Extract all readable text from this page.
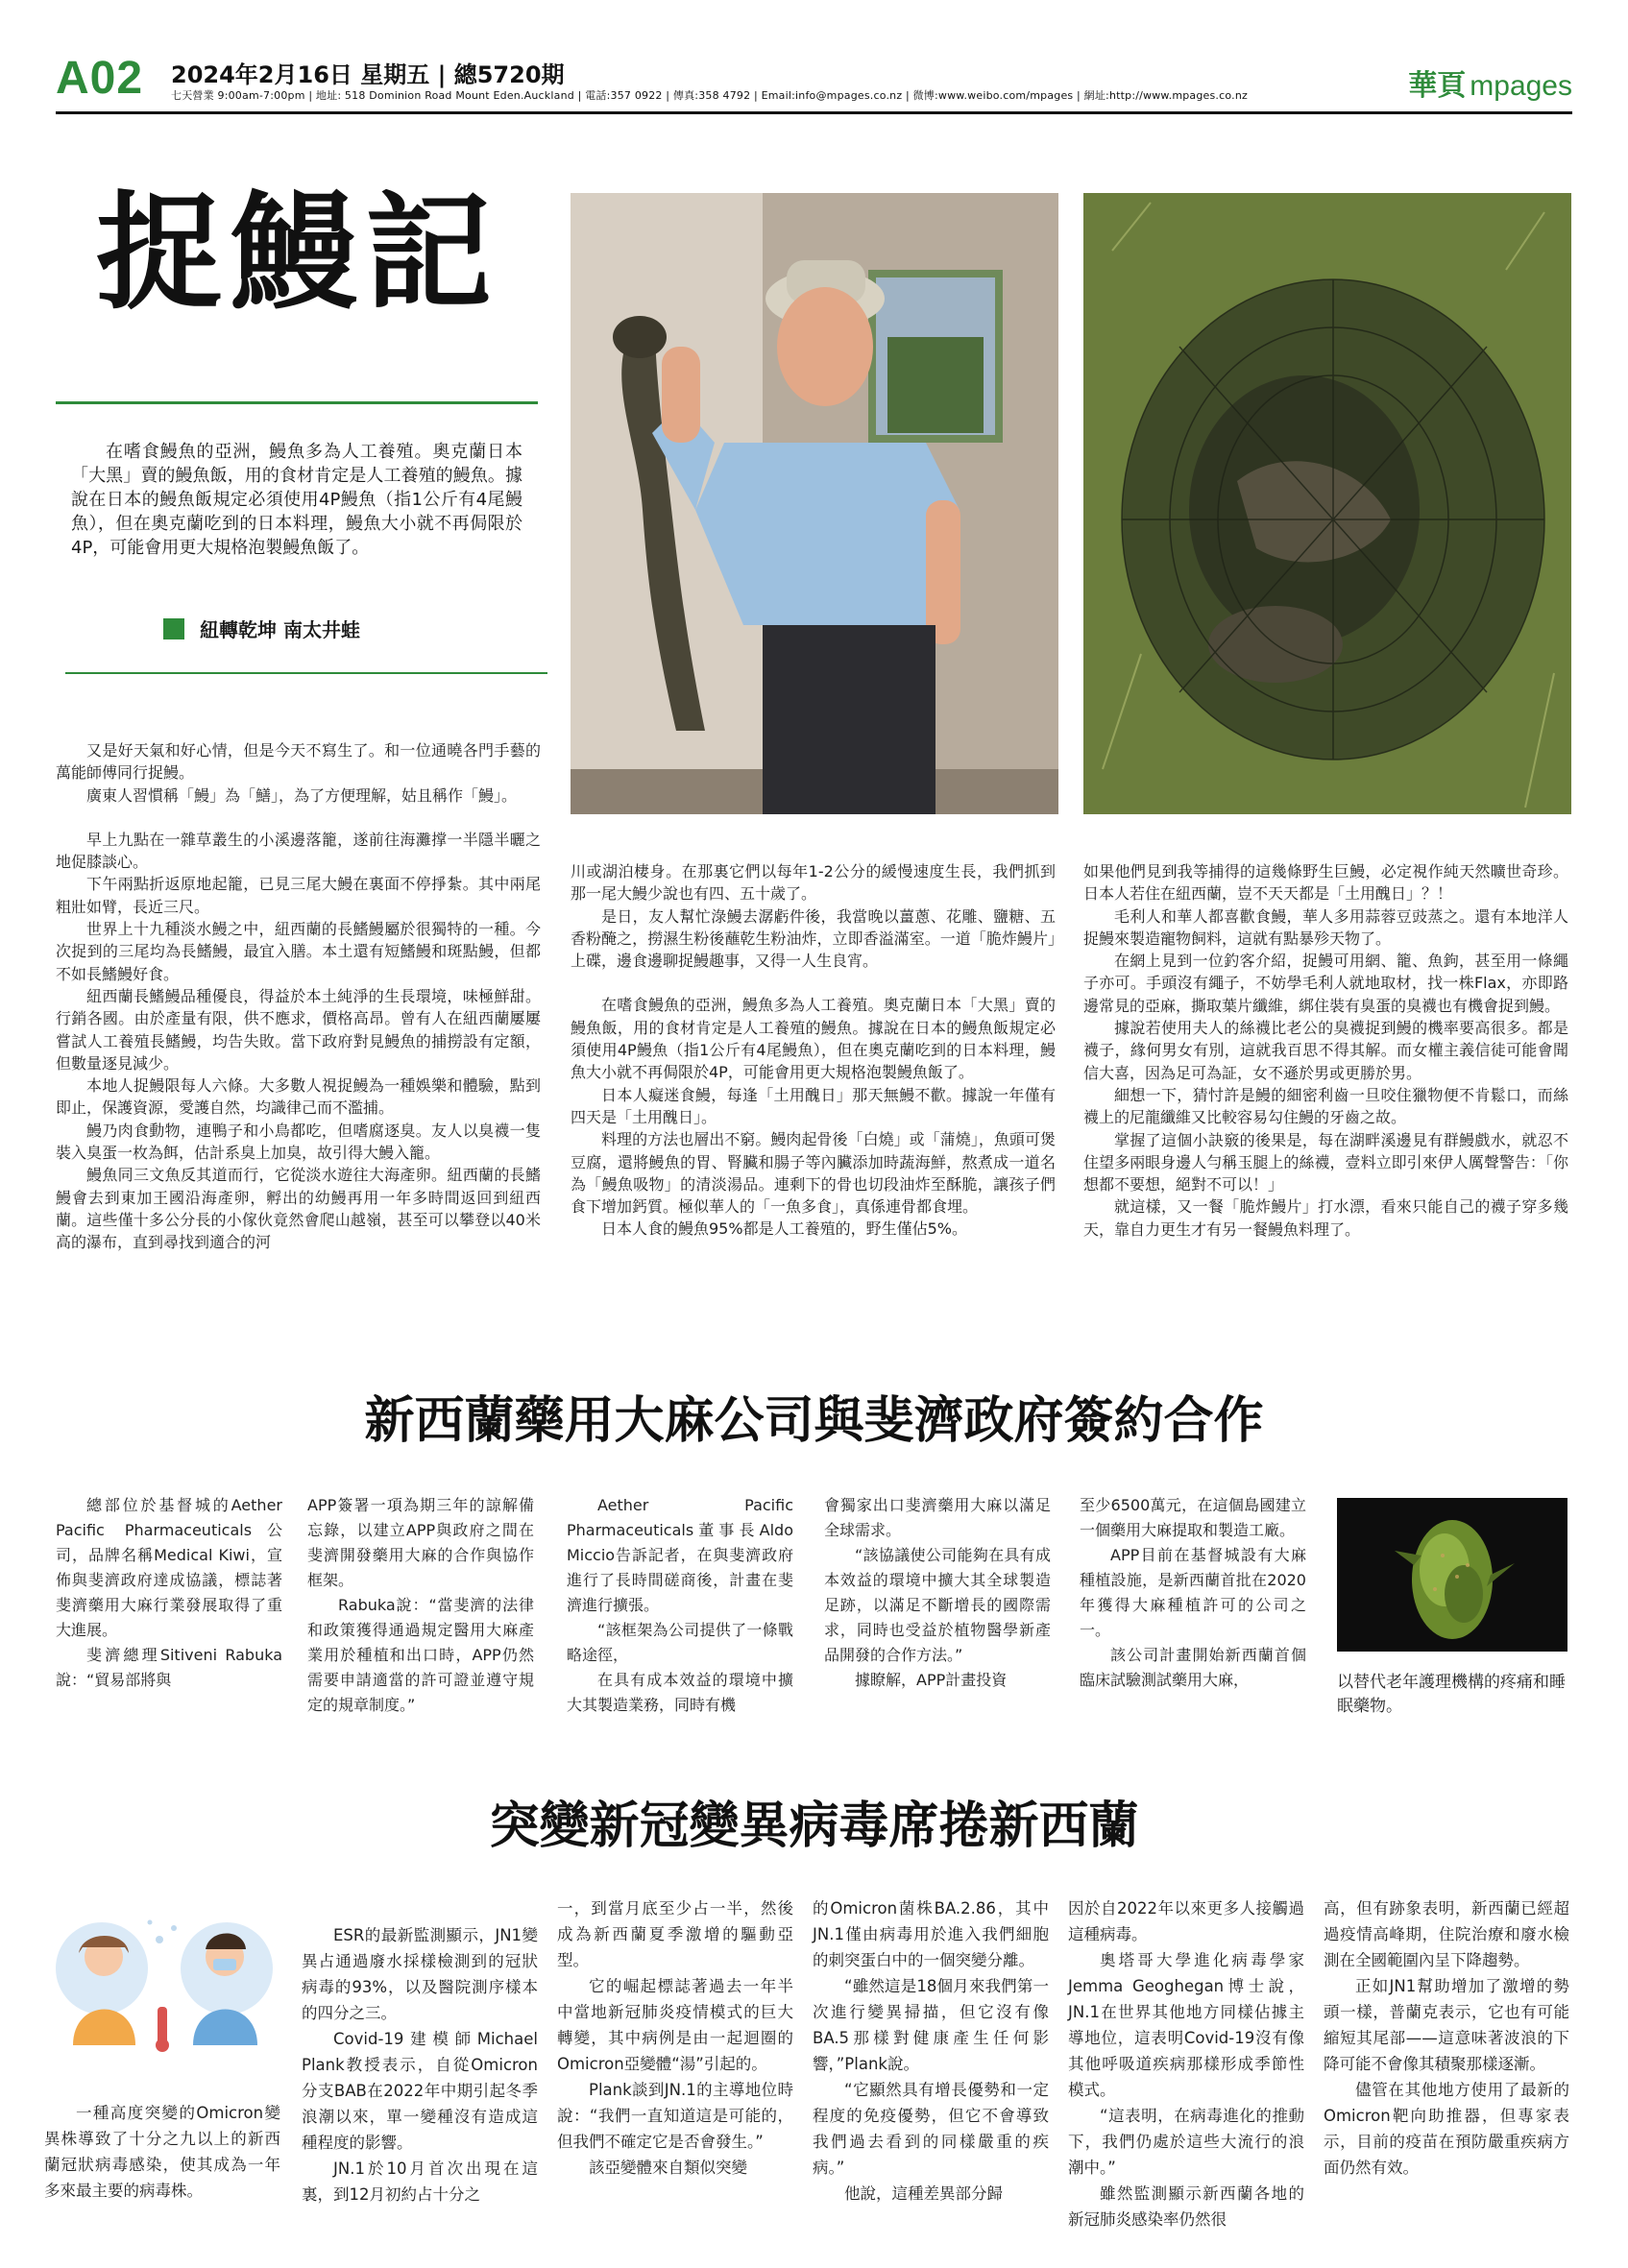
A02 2024年2月16日 星期五 | 總5720期
七天營業 9:00am-7:00pm | 地址: 518 Dominion Road Mount Eden.Auckland | 電話:357 0922 | 傳真:358 4792 | Email:info@mpages.co.nz | 微博:www.weibo.com/mpages | 網址:http://www.mpages.co.nz	華頁 mpages
捉鰻記

在嗜食鰻魚的亞洲，鰻魚多為人工養殖。奧克蘭日本「大黑」賣的鰻魚飯，用的食材肯定是人工養殖的鰻魚。據說在日本的鰻魚飯規定必須使用4P鰻魚（指1公斤有4尾鰻魚），但在奧克蘭吃到的日本料理，鰻魚大小就不再侷限於4P，可能會用更大規格泡製鰻魚飯了。

紐轉乾坤 南太井蛙

又是好天氣和好心情，但是今天不寫生了。和一位通曉各門手藝的萬能師傅同行捉鰻。

廣東人習慣稱「鰻」為「鱔」，為了方便理解，姑且稱作「鰻」。

早上九點在一雜草叢生的小溪邊落籠，遂前往海灘撑一半隱半曬之地促膝談心。

下午兩點折返原地起籠，已見三尾大鰻在裏面不停掙紮。其中兩尾粗壯如臂，長近三尺。

世界上十九種淡水鰻之中，紐西蘭的長鰭鰻屬於很獨特的一種。今次捉到的三尾均為長鰭鰻，最宜入膳。本土還有短鰭鰻和斑點鰻，但都不如長鰭鰻好食。

紐西蘭長鰭鰻品種優良，得益於本土純淨的生長環境，味極鮮甜。行銷各國。由於產量有限，供不應求，價格高昂。曾有人在紐西蘭屢屢嘗試人工養殖長鰭鰻，均告失敗。當下政府對見鰻魚的捕撈設有定額，但數量逐見減少。

本地人捉鰻限每人六條。大多數人視捉鰻為一種娛樂和體驗，點到即止，保護資源，愛護自然，均識律己而不濫捕。

鰻乃肉食動物，連鴨子和小鳥都吃，但嗜腐逐臭。友人以臭襪一隻裝入臭蛋一枚為餌，估計系臭上加臭，故引得大鰻入籠。

鰻魚同三文魚反其道而行，它從淡水遊往大海產卵。紐西蘭的長鰭鰻會去到東加王國沿海產卵，孵出的幼鰻再用一年多時間返回到紐西蘭。這些僅十多公分長的小傢伙竟然會爬山越嶺，甚至可以攀登以40米高的瀑布，直到尋找到適合的河

川或湖泊棲身。在那裏它們以每年1-2公分的緩慢速度生長，我們抓到那一尾大鰻少說也有四、五十歲了。

是日，友人幫忙淥鰻去潺虧件後，我當晚以薑蔥、花雕、鹽糖、五香粉醃之，撈濕生粉後蘸乾生粉油炸，立即香溢滿室。一道「脆炸鰻片」上碟，邊食邊聊捉鰻趣事，又得一人生良宵。

在嗜食鰻魚的亞洲，鰻魚多為人工養殖。奧克蘭日本「大黑」賣的鰻魚飯，用的食材肯定是人工養殖的鰻魚。據說在日本的鰻魚飯規定必須使用4P鰻魚（指1公斤有4尾鰻魚），但在奧克蘭吃到的日本料理，鰻魚大小就不再侷限於4P，可能會用更大規格泡製鰻魚飯了。

日本人癡迷食鰻，每逢「土用醜日」那天無鰻不歡。據說一年僅有四天是「土用醜日」。

料理的方法也層出不窮。鰻肉起骨後「白燒」或「蒲燒」，魚頭可煲豆腐，還將鰻魚的胃、腎臟和腸子等內臟添加時蔬海鮮，熬煮成一道名為「鰻魚吸物」的清淡湯品。連剩下的骨也切段油炸至酥脆，讓孩子們食下增加鈣質。極似華人的「一魚多食」，真係連骨都食埋。

日本人食的鰻魚95%都是人工養殖的，野生僅佔5%。

如果他們見到我等捕得的這幾條野生巨鰻，必定視作純天然曠世奇珍。日本人若住在紐西蘭，豈不天天都是「土用醜日」？！

毛利人和華人都喜歡食鰻，華人多用蒜蓉豆豉蒸之。還有本地洋人捉鰻來製造寵物飼料，這就有點暴殄天物了。

在網上見到一位釣客介紹，捉鰻可用網、籠、魚鉤，甚至用一條繩子亦可。手頭沒有繩子，不妨學毛利人就地取材，找一株Flax，亦即路邊常見的亞麻，撕取葉片纖維，綁住裝有臭蛋的臭襪也有機會捉到鰻。

據說若使用夫人的絲襪比老公的臭襪捉到鰻的機率要高很多。都是襪子，緣何男女有別，這就我百思不得其解。而女權主義信徒可能會聞信大喜，因為足可為証，女不遜於男或更勝於男。

細想一下，猜忖許是鰻的細密利齒一旦咬住獵物便不肯鬆口，而絲襪上的尼龍纖維又比較容易勾住鰻的牙齒之故。

掌握了這個小訣竅的後果是，每在湖畔溪邊見有群鰻戲水，就忍不住望多兩眼身邊人勻稱玉腿上的絲襪，壹料立即引來伊人厲聲警告：「你想都不要想，絕對不可以！」

就這樣，又一餐「脆炸鰻片」打水漂，看來只能自己的襪子穿多幾天，靠自力更生才有另一餐鰻魚料理了。

新西蘭藥用大麻公司與斐濟政府簽約合作

總部位於基督城的Aether Pacific Pharmaceuticals公司，品牌名稱Medical Kiwi，宣佈與斐濟政府達成協議，標誌著斐濟藥用大麻行業發展取得了重大進展。

斐濟總理Sitiveni Rabuka說：“貿易部將與

APP簽署一項為期三年的諒解備忘錄，以建立APP與政府之間在斐濟開發藥用大麻的合作與協作框架。

Rabuka說：“當斐濟的法律和政策獲得通過規定醫用大麻產業用於種植和出口時，APP仍然需要申請適當的許可證並遵守規定的規章制度。”

Aether Pacific Pharmaceuticals董事長Aldo Miccio告訴記者，在與斐濟政府進行了長時間磋商後，計畫在斐濟進行擴張。

“該框架為公司提供了一條戰略途徑，

在具有成本效益的環境中擴大其製造業務，同時有機

會獨家出口斐濟藥用大麻以滿足全球需求。

“該協議使公司能夠在具有成本效益的環境中擴大其全球製造足跡，以滿足不斷增長的國際需求，同時也受益於植物醫學新產品開發的合作方法。”

據瞭解，APP計畫投資

至少6500萬元，在這個島國建立一個藥用大麻提取和製造工廠。

APP目前在基督城設有大麻種植設施，是新西蘭首批在2020年獲得大麻種植許可的公司之一。

該公司計畫開始新西蘭首個臨床試驗測試藥用大麻，	以替代老年護理機構的疼痛和睡眠藥物。
突變新冠變異病毒席捲新西蘭

一種高度突變的Omicron變異株導致了十分之九以上的新西蘭冠狀病毒感染，使其成為一年多來最主要的病毒株。

ESR的最新監測顯示，JN1變異占通過廢水採樣檢測到的冠狀病毒的93%，以及醫院測序樣本的四分之三。

Covid-19建模師Michael Plank教授表示，自從Omicron分支BAB在2022年中期引起冬季浪潮以來，單一變種沒有造成這種程度的影響。

JN.1於10月首次出現在這裏，到12月初約占十分之

一，到當月底至少占一半，然後成為新西蘭夏季激增的驅動亞型。

它的崛起標誌著過去一年半中當地新冠肺炎疫情模式的巨大轉變，其中病例是由一起迴圈的Omicron亞變體“湯”引起的。

Plank談到JN.1的主導地位時說：“我們一直知道這是可能的，但我們不確定它是否會發生。”

該亞變體來自類似突變

的Omicron菌株BA.2.86，其中JN.1僅由病毒用於進入我們細胞的刺突蛋白中的一個突變分離。

“雖然這是18個月來我們第一次進行變異掃描，但它沒有像BA.5那樣對健康產生任何影響，”Plank說。

“它顯然具有增長優勢和一定程度的免疫優勢，但它不會導致我們過去看到的同樣嚴重的疾病。”

他說，這種差異部分歸

因於自2022年以來更多人接觸過這種病毒。

奧塔哥大學進化病毒學家Jemma Geoghegan博士說，JN.1在世界其他地方同樣佔據主導地位，這表明Covid-19沒有像其他呼吸道疾病那樣形成季節性模式。

“這表明，在病毒進化的推動下，我們仍處於這些大流行的浪潮中。”

雖然監測顯示新西蘭各地的新冠肺炎感染率仍然很

高，但有跡象表明，新西蘭已經超過疫情高峰期，住院治療和廢水檢測在全國範圍內呈下降趨勢。

正如JN1幫助增加了激增的勢頭一樣，普蘭克表示，它也有可能縮短其尾部——這意味著波浪的下降可能不會像其積聚那樣逐漸。

儘管在其他地方使用了最新的Omicron靶向助推器，但專家表示，目前的疫苗在預防嚴重疾病方面仍然有效。
